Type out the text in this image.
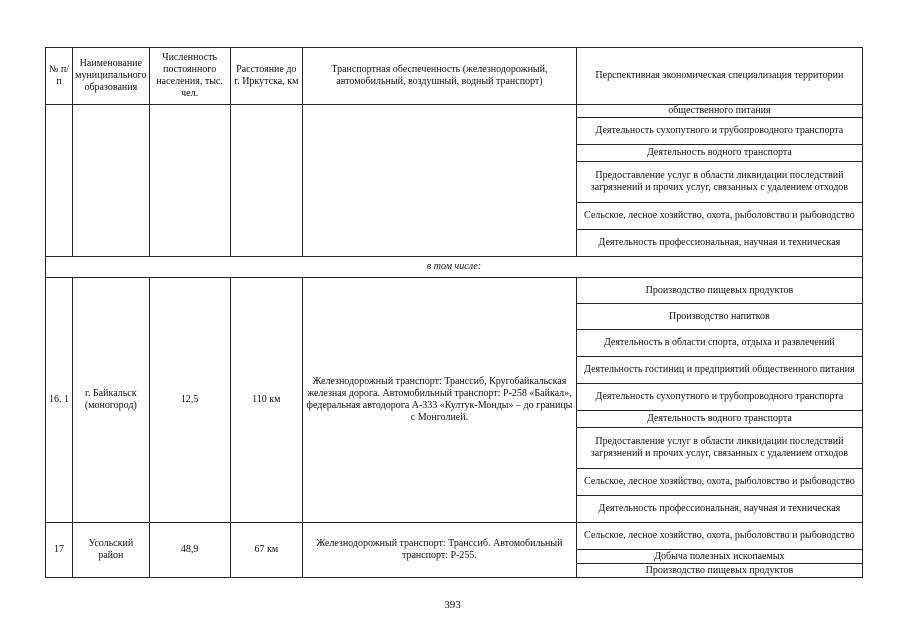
№ п/п	Наименование муниципального образования	Численность постоянного населения, тыс. чел.	Расстояние до г. Иркутска, км	Транспортная обеспеченность (железнодорожный, автомобильный, воздушный, водный транспорт)	Перспективная экономическая специализация территории
					общественного питания
					Деятельность сухопутного и трубопроводного транспорта
					Деятельность водного транспорта
					Предоставление услуг в области ликвидации последствий загрязнений и прочих услуг, связанных с удалением отходов
					Сельское, лесное хозяйство, охота, рыболовство и рыбоводство
					Деятельность профессиональная, научная и техническая
в том числе:					
16. 1	г. Байкальск (моногород)	12,5	110 км	Железнодорожный транспорт: Транссиб, Кругобайкальская железная дорога. Автомобильный транспорт: Р-258 «Байкал», федеральная автодорога А-333 «Култук-Монды» – до границы с Монголией.	Производство пищевых продуктов
					Производство напитков
					Деятельность в области спорта, отдыха и развлечений
					Деятельность гостиниц и предприятий общественного питания
					Деятельность сухопутного и трубопроводного транспорта
					Деятельность водного транспорта
					Предоставление услуг в области ликвидации последствий загрязнений и прочих услуг, связанных с удалением отходов
					Сельское, лесное хозяйство, охота, рыболовство и рыбоводство
					Деятельность профессиональная, научная и техническая
17	Усольский район	48,9	67 км	Железнодорожный транспорт: Транссиб. Автомобильный транспорт: Р-255.	Сельское, лесное хозяйство, охота, рыболовство и рыбоводство
					Добыча полезных ископаемых
					Производство пищевых продуктов
393
